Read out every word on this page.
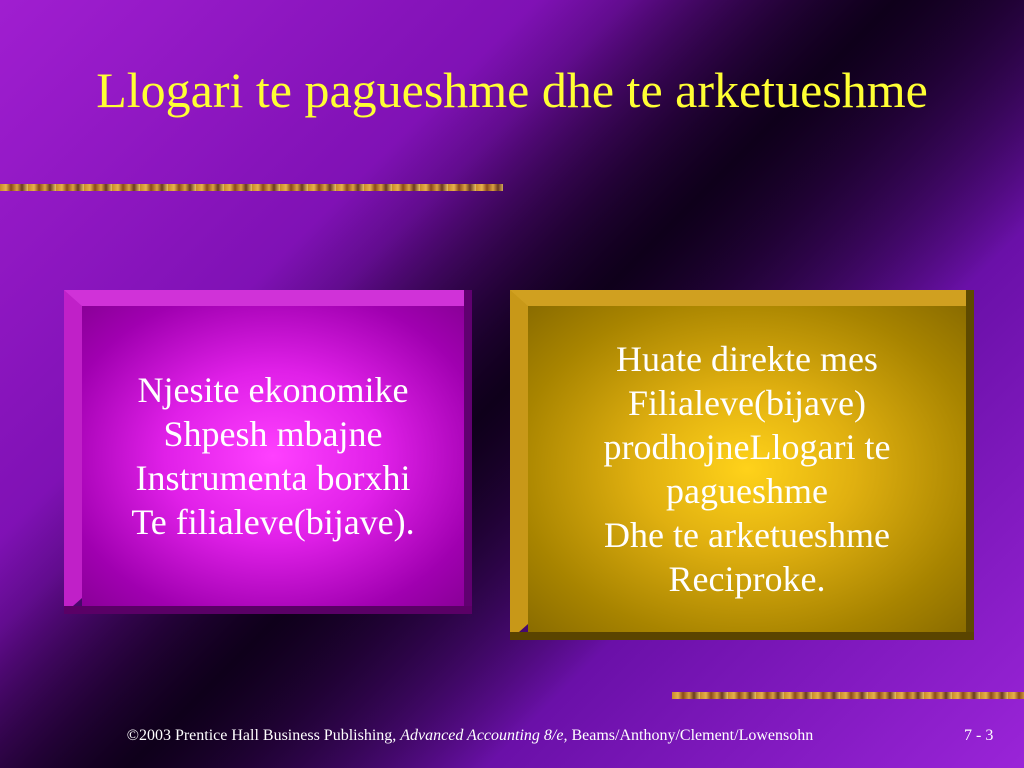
Llogari te pagueshme dhe te arketueshme
Njesite ekonomike
Shpesh mbajne
Instrumenta borxhi
Te filialeve(bijave).
Huate direkte mes
Filialeve(bijave)
prodhojneLlogari te
pagueshme
Dhe te arketueshme
Reciproke.
©2003 Prentice Hall Business Publishing, Advanced Accounting 8/e, Beams/Anthony/Clement/Lowensohn	7 - 3
